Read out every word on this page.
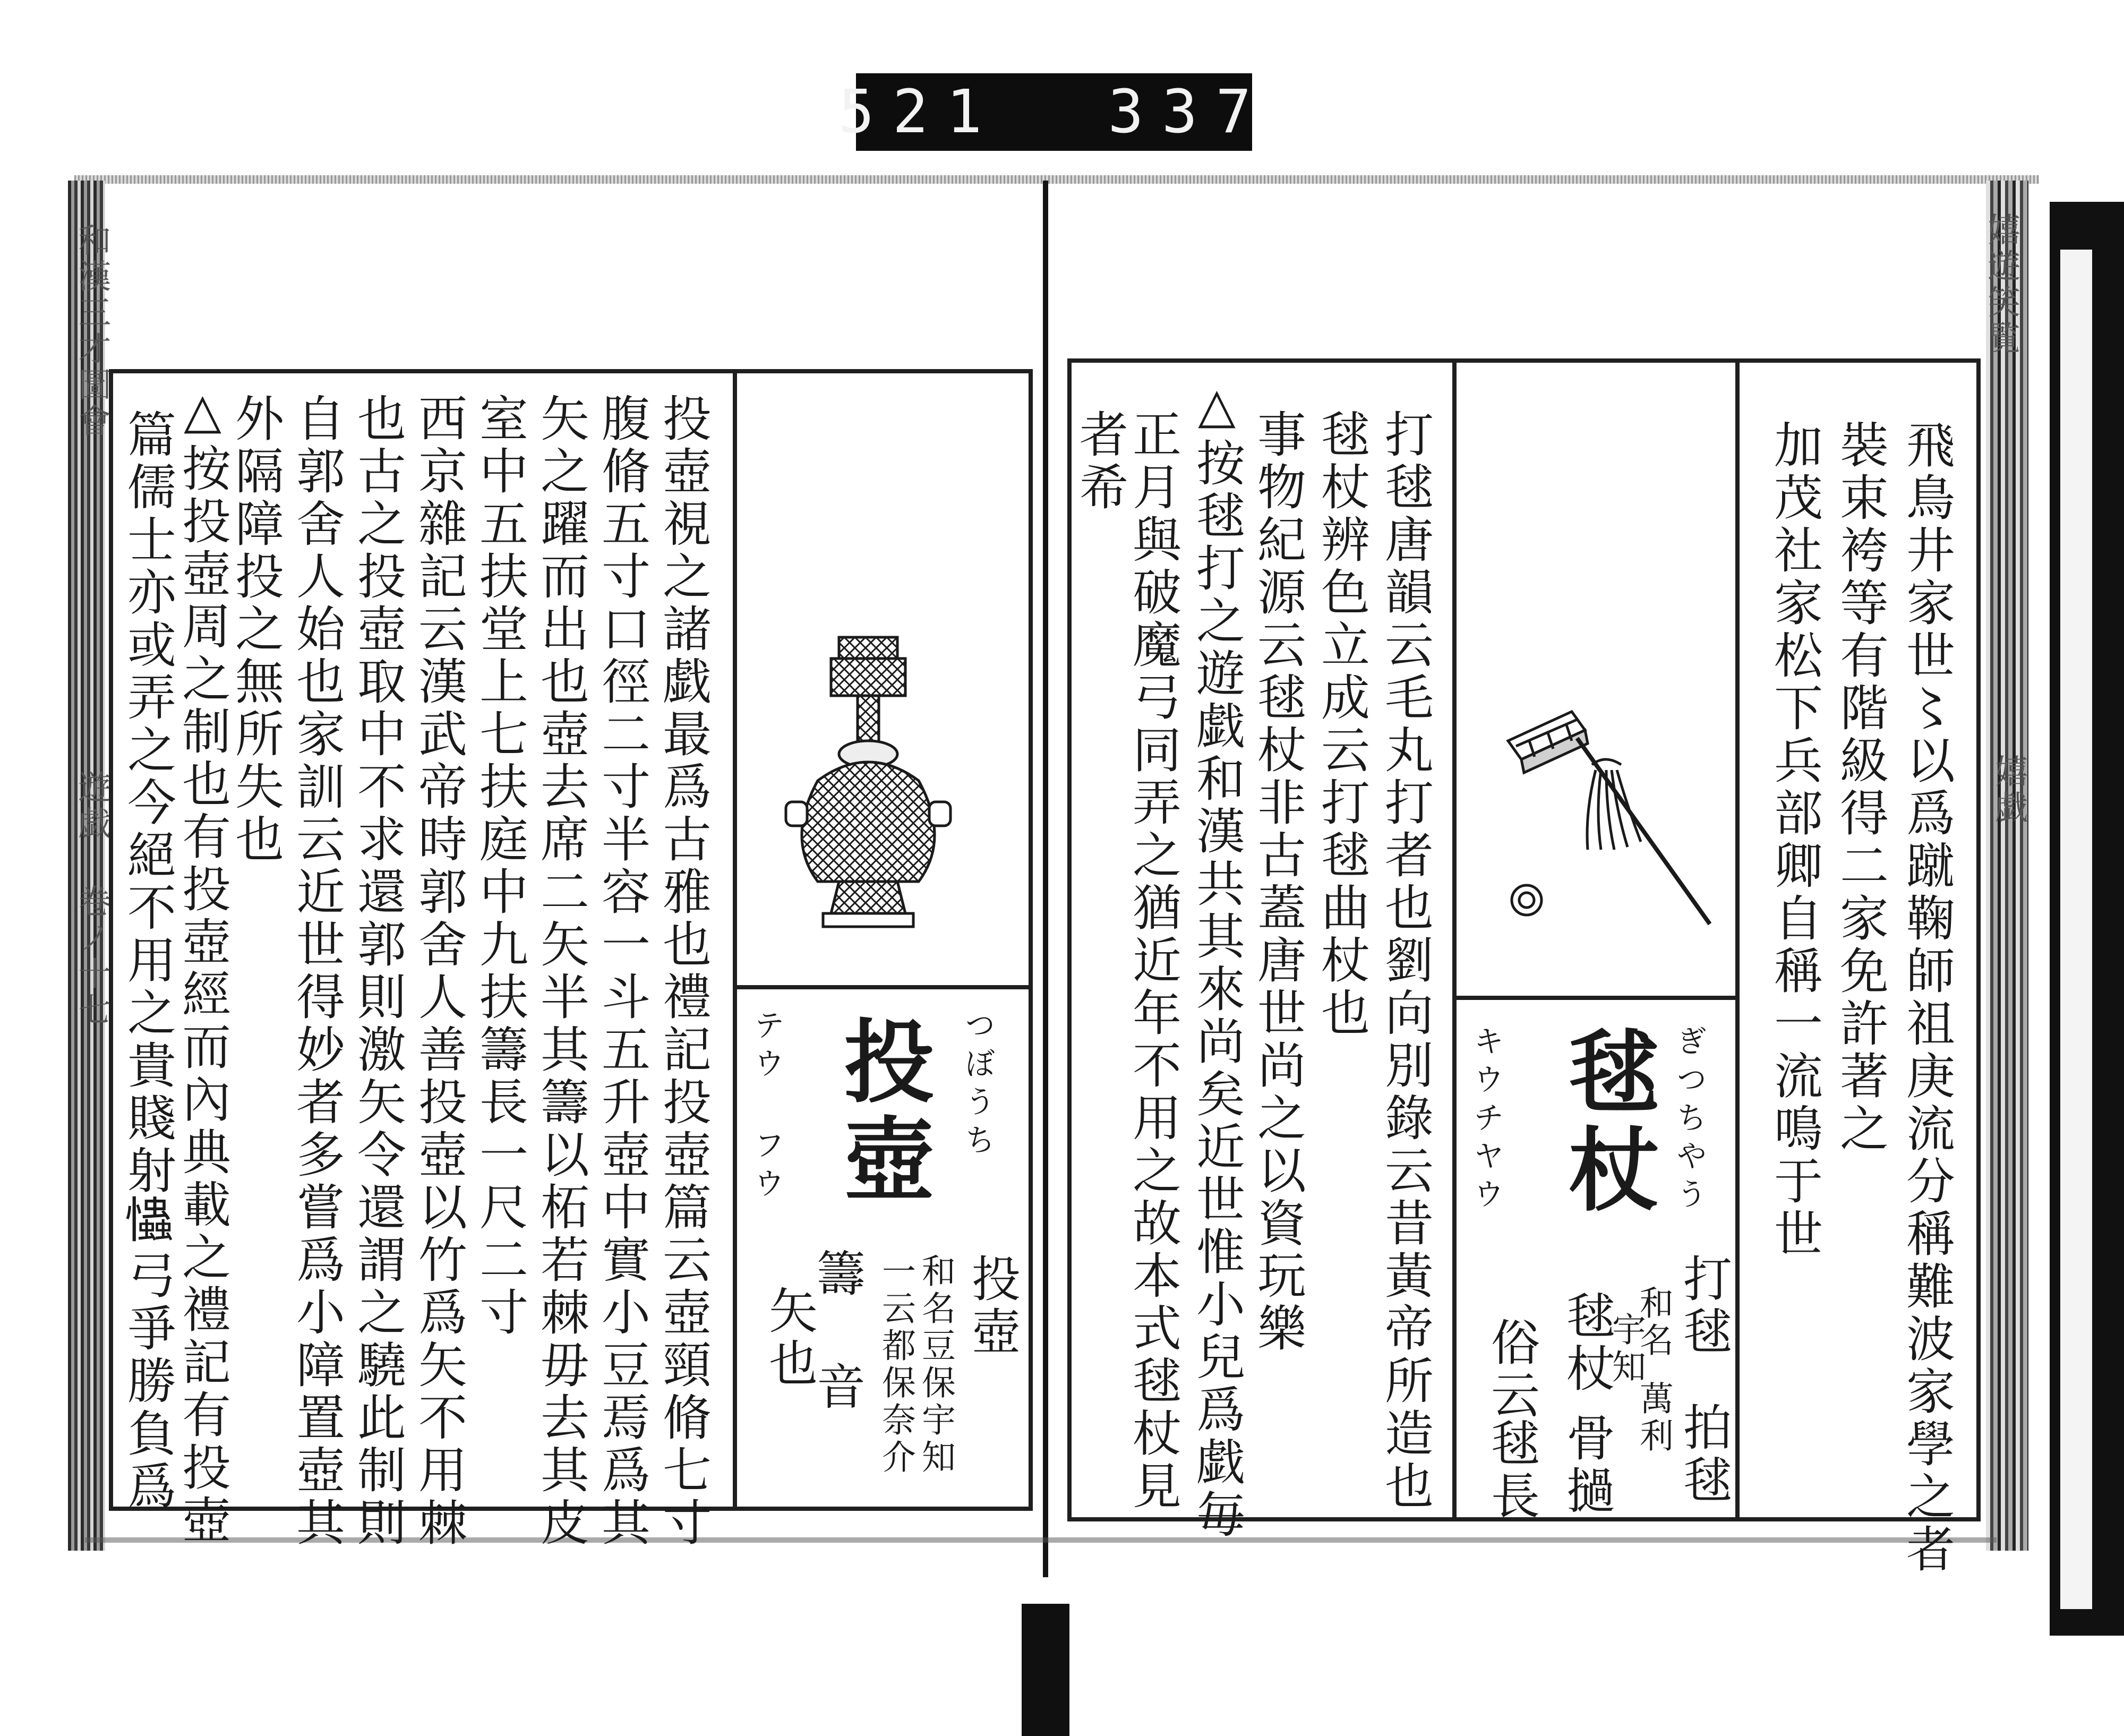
521  337
嬉遊笑覧
嬉戯
飛鳥井家世〻以爲蹴鞠師祖庚流分稱難波家學之者
裝束袴等有階級得二家免許著之
加茂社家松下兵部卿自稱一流鳴于世
ぎつちやう
毬杖
キウチヤウ
打毬
拍毬
毬杖
骨撾
和名
萬利
宇知
俗云
毬長
打毬唐韻云毛丸打者也劉向別錄云昔黃帝所造也
毬杖辨色立成云打毬曲杖也
事物紀源云毬杖非古蓋唐世尚之以資玩樂
△按毬打之遊戯和漢共其來尚矣近世惟小兒爲戯毎
正月與破魔弓同弄之猶近年不用之故本式毬杖見
者希
和漢三才圖會
遊戯 卷ノ十七
つぼうち
投壺
テウ フウ
投壺
和名豆保宇知
一云都保奈介
籌 音
矢也
投壺視之諸戯最爲古雅也禮記投壺篇云壺頸脩七寸
腹脩五寸口徑二寸半容一斗五升壺中實小豆焉爲其
矢之躍而出也壺去席二矢半其籌以柘若棘毋去其皮
室中五扶堂上七扶庭中九扶籌長一尺二寸
西京雜記云漢武帝時郭舍人善投壺以竹爲矢不用棘
也古之投壺取中不求還郭則激矢令還謂之驍此制則
自郭舍人始也家訓云近世得妙者多嘗爲小障置壺其
外隔障投之無所失也
△按投壺周之制也有投壺經而內典載之禮記有投壺
篇儒士亦或弄之今絕不用之貴賤射𢥞弓爭勝負爲
